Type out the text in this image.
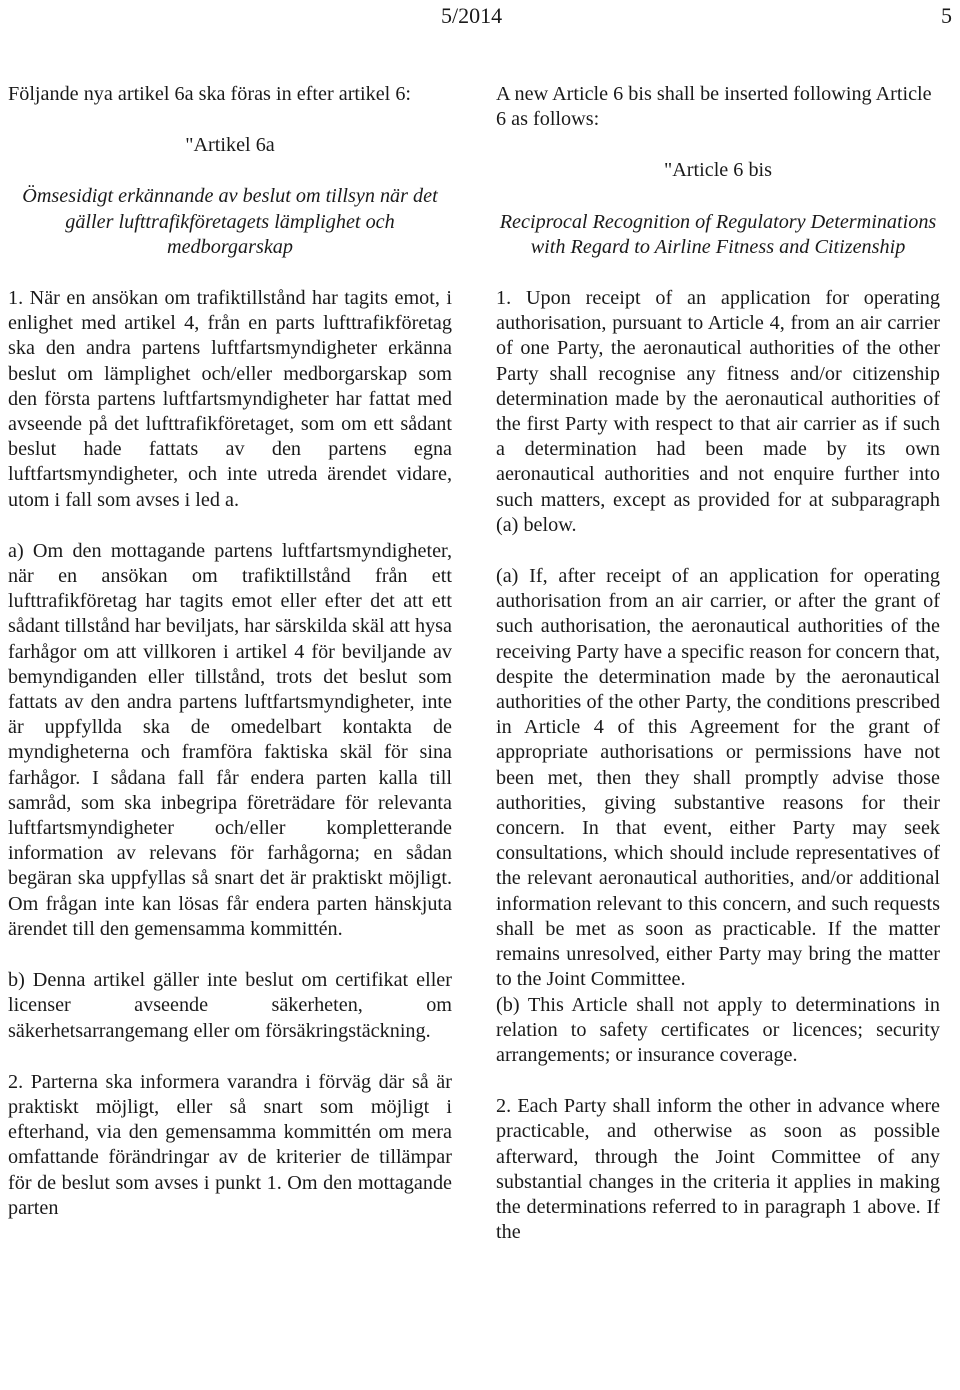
5/2014	5

Följande nya artikel 6a ska föras in efter artikel 6:

"Artikel 6a

Ömsesidigt erkännande av beslut om tillsyn när det gäller lufttrafikföretagets lämplighet och medborgarskap

1. När en ansökan om trafiktillstånd har tagits emot, i enlighet med artikel 4, från en parts lufttrafikföretag ska den andra partens luftfartsmyndigheter erkänna beslut om lämplighet och/eller medborgarskap som den första partens luftfartsmyndigheter har fattat med avseende på det lufttrafikföretaget, som om ett sådant beslut hade fattats av den partens egna luftfartsmyndigheter, och inte utreda ärendet vidare, utom i fall som avses i led a.

a) Om den mottagande partens luftfartsmyndigheter, när en ansökan om trafiktillstånd från ett lufttrafikföretag har tagits emot eller efter det att ett sådant tillstånd har beviljats, har särskilda skäl att hysa farhågor om att villkoren i artikel 4 för beviljande av bemyndiganden eller tillstånd, trots det beslut som fattats av den andra partens luftfartsmyndigheter, inte är uppfyllda ska de omedelbart kontakta de myndigheterna och framföra faktiska skäl för sina farhågor. I sådana fall får endera parten kalla till samråd, som ska inbegripa företrädare för relevanta luftfartsmyndigheter och/eller kompletterande information av relevans för farhågorna; en sådan begäran ska uppfyllas så snart det är praktiskt möjligt. Om frågan inte kan lösas får endera parten hänskjuta ärendet till den gemensamma kommittén.

b) Denna artikel gäller inte beslut om certifikat eller licenser avseende säkerheten, om säkerhetsarrangemang eller om försäkringstäckning.

2. Parterna ska informera varandra i förväg där så är praktiskt möjligt, eller så snart som möjligt i efterhand, via den gemensamma kommittén om mera omfattande förändringar av de kriterier de tillämpar för de beslut som avses i punkt 1. Om den mottagande parten

A new Article 6 bis shall be inserted following Article 6 as follows:

"Article 6 bis

Reciprocal Recognition of Regulatory Determinations with Regard to Airline Fitness and Citizenship

1. Upon receipt of an application for operating authorisation, pursuant to Article 4, from an air carrier of one Party, the aeronautical authorities of the other Party shall recognise any fitness and/or citizenship determination made by the aeronautical authorities of the first Party with respect to that air carrier as if such a determination had been made by its own aeronautical authorities and not enquire further into such matters, except as provided for at subparagraph (a) below.

(a) If, after receipt of an application for operating authorisation from an air carrier, or after the grant of such authorisation, the aeronautical authorities of the receiving Party have a specific reason for concern that, despite the determination made by the aeronautical authorities of the other Party, the conditions prescribed in Article 4 of this Agreement for the grant of appropriate authorisations or permissions have not been met, then they shall promptly advise those authorities, giving substantive reasons for their concern. In that event, either Party may seek consultations, which should include representatives of the relevant aeronautical authorities, and/or additional information relevant to this concern, and such requests shall be met as soon as practicable. If the matter remains unresolved, either Party may bring the matter to the Joint Committee.

(b) This Article shall not apply to determinations in relation to safety certificates or licences; security arrangements; or insurance coverage.

2. Each Party shall inform the other in advance where practicable, and otherwise as soon as possible afterward, through the Joint Committee of any substantial changes in the criteria it applies in making the determinations referred to in paragraph 1 above. If the
